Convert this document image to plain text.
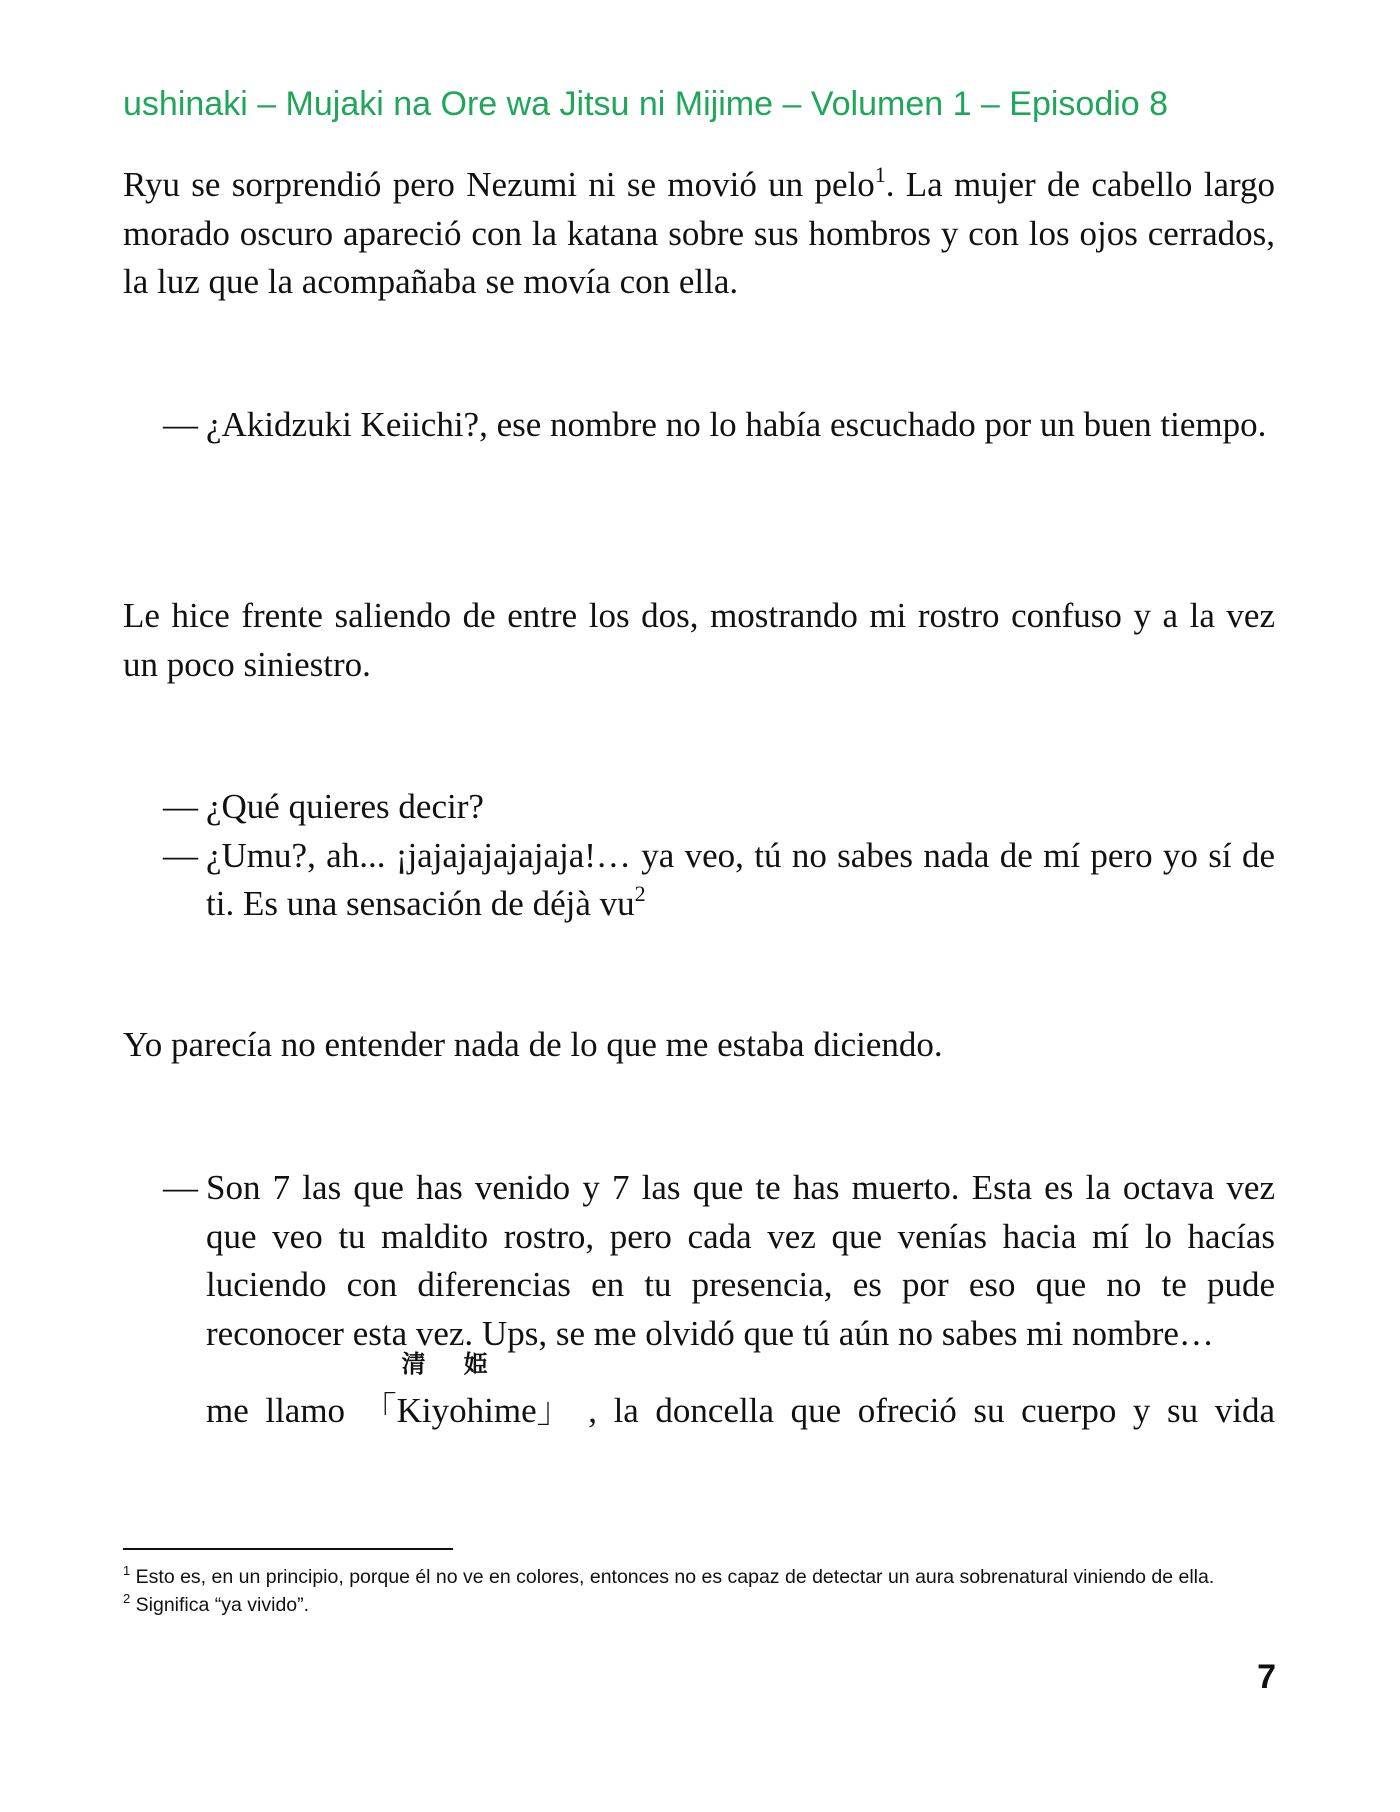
ushinaki – Mujaki na Ore wa Jitsu ni Mijime – Volumen 1 – Episodio 8

Ryu se sorprendió pero Nezumi ni se movió un pelo$^1$. La mujer de cabello largo morado oscuro apareció con la katana sobre sus hombros y con los ojos cerrados, la luz que la acompañaba se movía con ella.

— ¿Akidzuki Keiichi?, ese nombre no lo había escuchado por un buen tiempo.

Le hice frente saliendo de entre los dos, mostrando mi rostro confuso y a la vez un poco siniestro.

— ¿Qué quieres decir?
— ¿Umu?, ah... ¡jajajajajajaja!… ya veo, tú no sabes nada de mí pero yo sí de ti. Es una sensación de déjà $vu^2$

Yo parecía no entender nada de lo que me estaba diciendo.

— Son 7 las que has venido y 7 las que te has muerto. Esta es la octava vez que veo tu maldito rostro, pero cada vez que venías hacia mí lo hacías luciendo con diferencias en tu presencia, es por eso que no te pude reconocer esta vez. Ups, se me olvidó que tú aún no sabes mi nombre…
me llamo
清姫
「Kiyohime」 , la doncella que ofreció su cuerpo y su vida
$^1$ Esto es, en un principio, porque él no ve en colores, entonces no es capaz de detectar un aura sobrenatural viniendo de ella.
$^2$ Significa “ya vivido”.
7
